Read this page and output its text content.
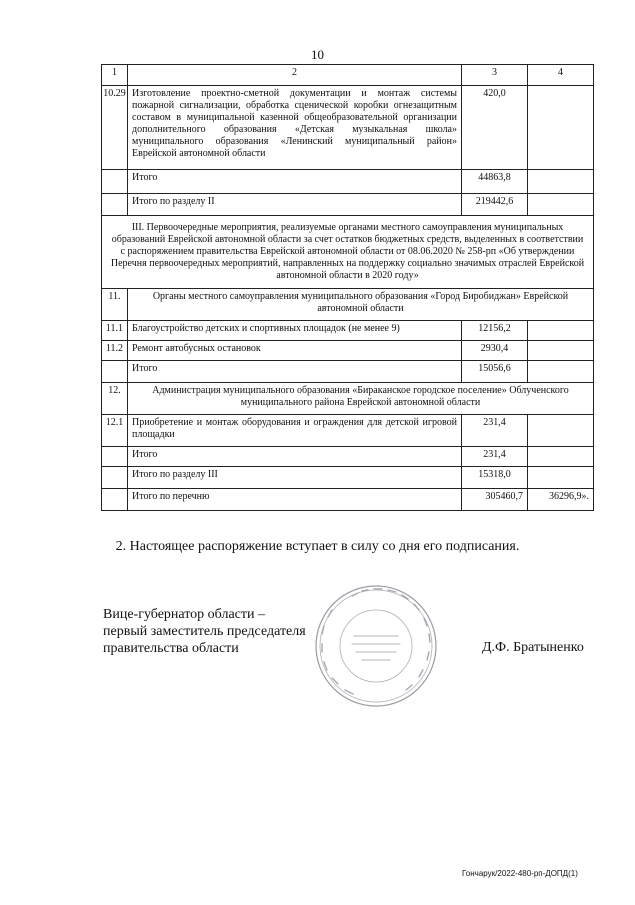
10
1	2	3	4
10.29	Изготовление проектно-сметной документации и монтаж системы пожарной сигнализации, обработка сценической коробки огнезащитным составом в муниципальной казенной общеобразовательной организации дополнительного образования «Детская музыкальная школа» муниципального образования «Ленинский муниципальный район» Еврейской автономной области	420,0	
	Итого	44863,8	
	Итого по разделу II	219442,6	
III. Первоочередные мероприятия, реализуемые органами местного самоуправления муниципальных образований Еврейской автономной области за счет остатков бюджетных средств, выделенных в соответствии с распоряжением правительства Еврейской автономной области от 08.06.2020 № 258-рп «Об утверждении Перечня первоочередных мероприятий, направленных на поддержку социально значимых отраслей Еврейской автономной области в 2020 году»			
11.	Органы местного самоуправления муниципального образования «Город Биробиджан» Еврейской автономной области		
11.1	Благоустройство детских и спортивных площадок (не менее 9)	12156,2	
11.2	Ремонт автобусных остановок	2930,4	
	Итого	15056,6	
12.	Администрация муниципального образования «Бираканское городское поселение» Облученского муниципального района Еврейской автономной области		
12.1	Приобретение и монтаж оборудования и ограждения для детской игровой площадки	231,4	
	Итого	231,4	
	Итого по разделу III	15318,0	
	Итого по перечню	305460,7	36296,9».
2. Настоящее распоряжение вступает в силу со дня его подписания.
Вице-губернатор области –
первый заместитель председателя
правительства области	Д.Ф. Братыненко
Гончарук/2022-480-рп-ДОПД(1)
